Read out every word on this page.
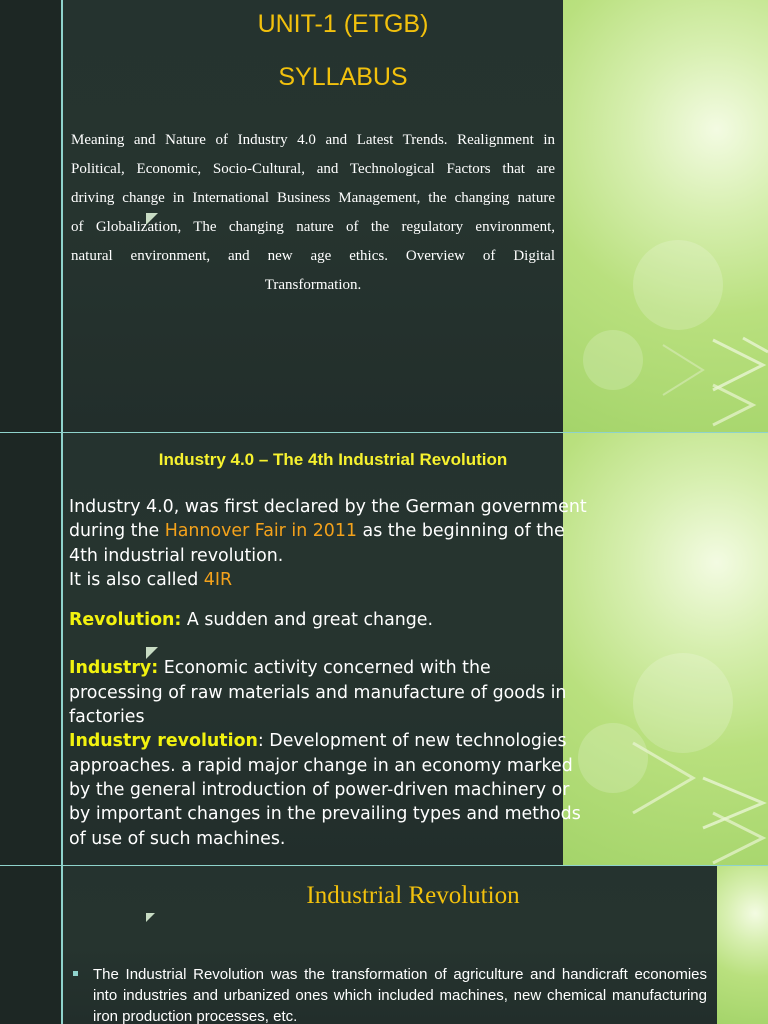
UNIT-1 (ETGB)
SYLLABUS
Meaning and Nature of Industry 4.0 and Latest Trends. Realignment in
Political, Economic, Socio-Cultural, and Technological Factors that are
driving change in International Business Management, the changing nature
of Globalization, The changing nature of the regulatory environment,
natural environment, and new age ethics. Overview of Digital
Transformation.
Industry 4.0 – The 4th Industrial Revolution

Industry 4.0, was first declared by the German government during the Hannover Fair in 2011 as the beginning of the 4th industrial revolution.

It is also called 4IR

Revolution: A sudden and great change.

Industry: Economic activity concerned with the processing of raw materials and manufacture of goods in factories

Industry revolution: Development of new technologies approaches. a rapid major change in an economy marked by the general introduction of power-driven machinery or by important changes in the prevailing types and methods of use of such machines.

Industrial Revolution
The Industrial Revolution was the transformation of agriculture and handicraft economies into industries and urbanized ones which included machines, new chemical manufacturing iron production processes, etc.
